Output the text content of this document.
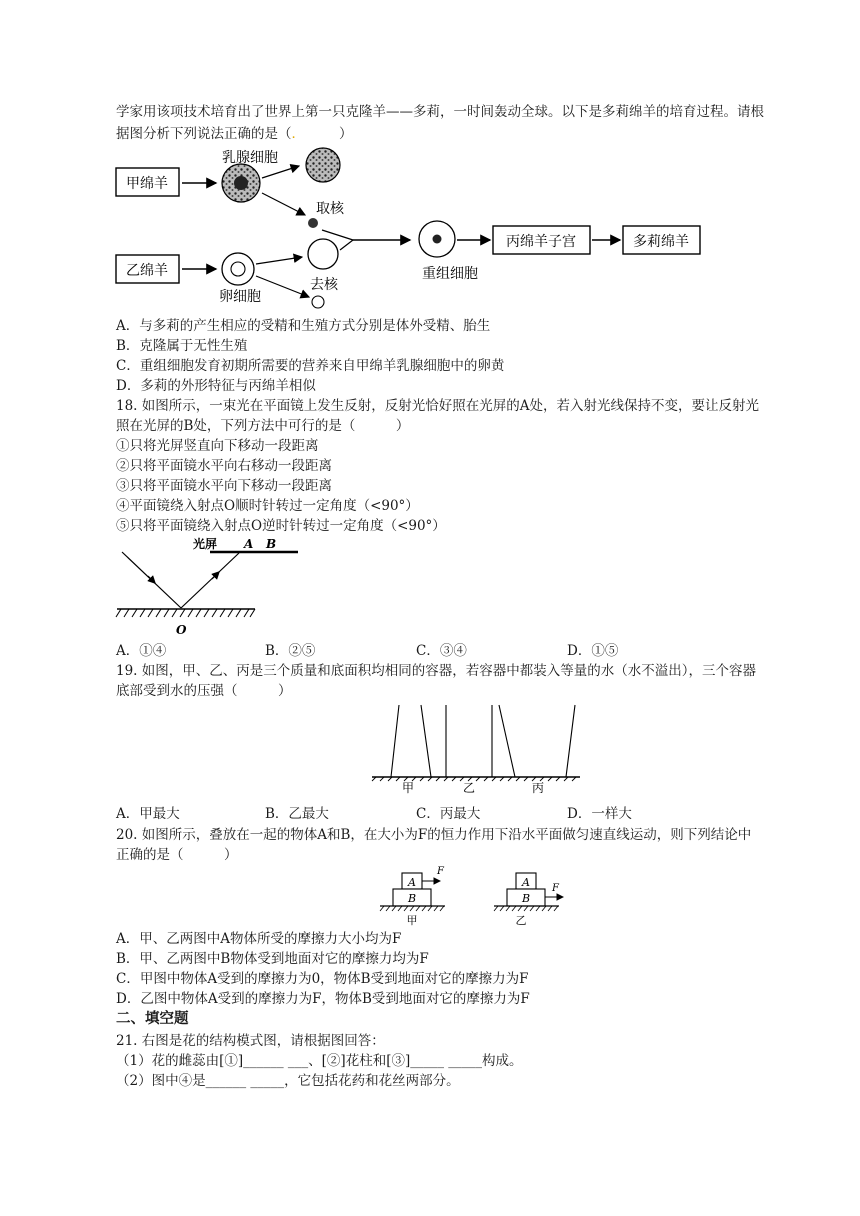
学家用该项技术培育出了世界上第一只克隆羊——多莉，一时间轰动全球。以下是多莉绵羊的培育过程。请根
据图分析下列说法正确的是（．	）
甲绵羊
乳腺细胞
取核
重组细胞
丙绵羊子宫	多莉绵羊
乙绵羊
卵细胞
去核
A．与多莉的产生相应的受精和生殖方式分别是体外受精、胎生
B．克隆属于无性生殖
C．重组细胞发育初期所需要的营养来自甲绵羊乳腺细胞中的卵黄
D．多莉的外形特征与丙绵羊相似
18. 如图所示，一束光在平面镜上发生反射，反射光恰好照在光屏的A处，若入射光线保持不变，要让反射光
照在光屏的B处，下列方法中可行的是（　　　）
①只将光屏竖直向下移动一段距离
②只将平面镜水平向右移动一段距离
③只将平面镜水平向下移动一段距离
④平面镜绕入射点O顺时针转过一定角度（<90°）
⑤只将平面镜绕入射点O逆时针转过一定角度（<90°）
光屏 A B
O
A．①④	B．②⑤	C．③④	D．①⑤
19. 如图，甲、乙、丙是三个质量和底面积均相同的容器，若容器中都装入等量的水（水不溢出），三个容器
底部受到水的压强（　　　）
甲	乙	丙
A．甲最大	B．乙最大	C．丙最大	D．一样大
20. 如图所示，叠放在一起的物体A和B，在大小为F的恒力作用下沿水平面做匀速直线运动，则下列结论中
正确的是（　　　）
A
B
F
甲
A
B
F
乙
A．甲、乙两图中A物体所受的摩擦力大小均为F
B．甲、乙两图中B物体受到地面对它的摩擦力均为F
C．甲图中物体A受到的摩擦力为0，物体B受到地面对它的摩擦力为F
D．乙图中物体A受到的摩擦力为F，物体B受到地面对它的摩擦力为F
二、填空题
21. 右图是花的结构模式图，请根据图回答：
（1）花的雌蕊由[①]______ ___、[②]花柱和[③]_____ _____构成。
（2）图中④是______ _____，它包括花药和花丝两部分。
